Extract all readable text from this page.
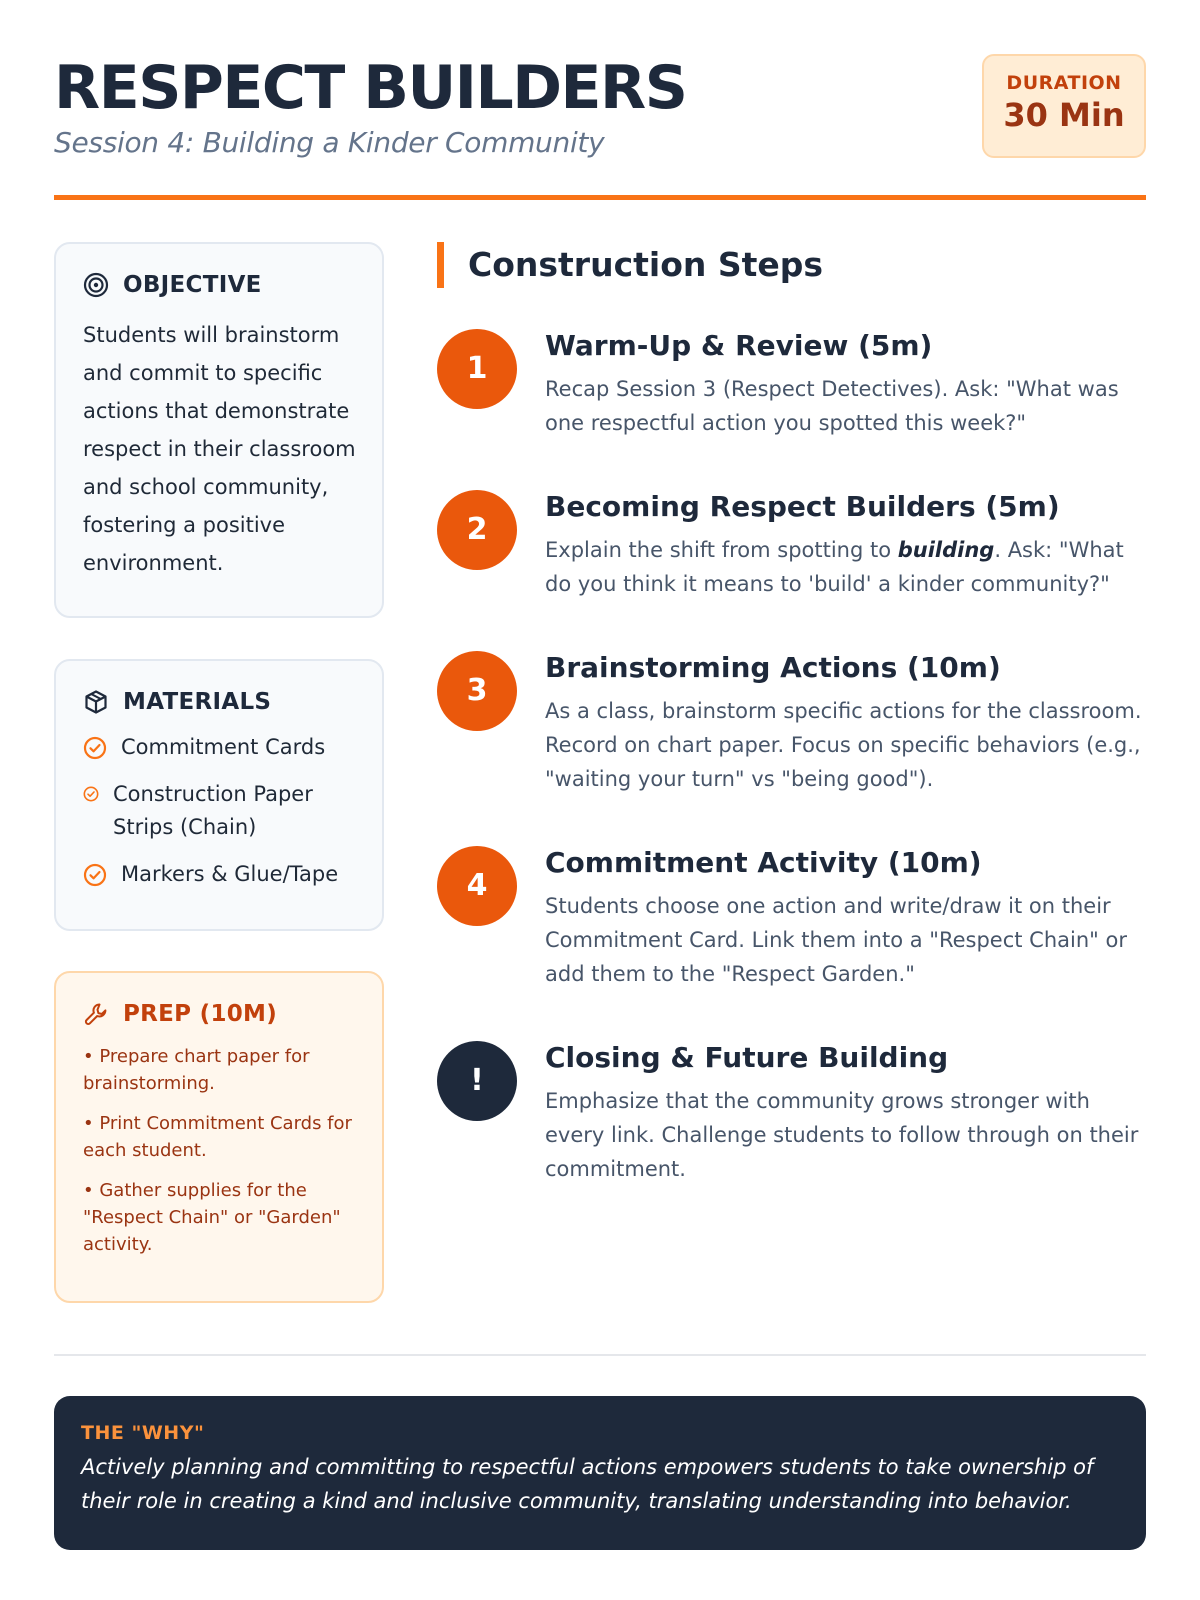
RESPECT BUILDERS
Session 4: Building a Kinder Community
DURATION
30 Min
OBJECTIVE

Students will brainstorm and commit to specific actions that demonstrate respect in their classroom and school community, fostering a positive environment.

MATERIALS
Commitment Cards
Construction Paper Strips (Chain)
Markers & Glue/Tape
PREP (10M)
• Prepare chart paper for brainstorming.
• Print Commitment Cards for each student.
• Gather supplies for the "Respect Chain" or "Garden" activity.
Construction Steps
1
Warm-Up & Review (5m)

Recap Session 3 (Respect Detectives). Ask: "What was one respectful action you spotted this week?"

2
Becoming Respect Builders (5m)

Explain the shift from spotting to building. Ask: "What do you think it means to 'build' a kinder community?"

3
Brainstorming Actions (10m)

As a class, brainstorm specific actions for the classroom. Record on chart paper. Focus on specific behaviors (e.g., "waiting your turn" vs "being good").

4
Commitment Activity (10m)

Students choose one action and write/draw it on their Commitment Card. Link them into a "Respect Chain" or add them to the "Respect Garden."

!
Closing & Future Building

Emphasize that the community grows stronger with every link. Challenge students to follow through on their commitment.

THE "WHY"

Actively planning and committing to respectful actions empowers students to take ownership of their role in creating a kind and inclusive community, translating understanding into behavior.
